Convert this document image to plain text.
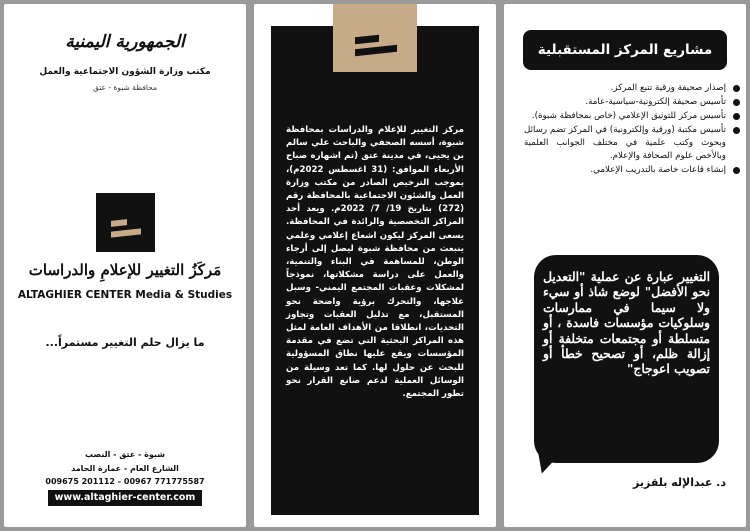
الجمهورية اليمنية
مكتب وزارة الشؤون الاجتماعية والعمل
محافظة شبوة - عتق
مَركَزُ التغيير للإعلامِ والدراسات
ALTAGHIER CENTER Media & Studies
ما يزال حلم التغيير مستمراً...
شبوة - عتق - النصب
الشارع العام - عمارة الحامد
009675 201112 - 00967 771775587
www.altaghier-center.com
مركز التغيير للإعلام والدراسات بمحافظة شبوة، أسسه الصحفي والباحث علي سالم بن يحيى، في مدينة عتق (تم اشهاره صباح الأربعاء الموافق: (31 اغسطس 2022م)، بموجب الترخيص الصادر من مكتب وزارة العمل والشئون الاجتماعية بالمحافظة رقم (272) بتاريخ 19/ 7/ 2022م. ويعد أحد المراكز التخصصية والرائدة في المحافظة. يسعى المركز ليكون اشعاع إعلامي وعلمي ينبعث من محافظة شبوة ليصل إلى أرجاء الوطن، للمساهمة في البناء والتنمية، والعمل على دراسة مشكلاتها، نموذجاً لمشكلات وعقبات المجتمع اليمني- وسبل علاجها، والتحرك برؤية واضحة نحو المستقبل، مع تذليل العقبات وتجاوز التحديات، انطلاقا من الأهداف العامة لمثل هذه المراكز البحثية التي تضع في مقدمة المؤسسات ويقع عليها نطاق المسؤولية للبحث عن حلول لها. كما تعد وسيلة من الوسائل العملية لدعم صانع القرار نحو تطور المجتمع.
مشاريع المركز المستقبلية
إصدار صحيفة ورقية تتبع المركز.
تأسيس صحيفة إلكترونية-سياسية-عامة.
تأسيس مركز للتوثيق الإعلامي (خاص بمحافظة شبوة).
تأسيس مكتبة (ورقية وإلكترونية) في المركز تضم رسائل وبحوث وكتب علمية في مختلف الجوانب العلمية وبالأخص علوم الصحافة والإعلام.
إنشاء قاعات خاصة بالتدريب الإعلامي.
التغيير عبارة عن عملية "التعديل نحو الأفضل" لوضع شاذ أو سيء ولا سيما في ممارسات وسلوكيات مؤسسات فاسدة ، أو متسلطة أو مجتمعات متخلفة أو إزالة ظلم، أو تصحيح خطأ أو تصويب اعوجاج"
د. عبدالإله بلقزيز
